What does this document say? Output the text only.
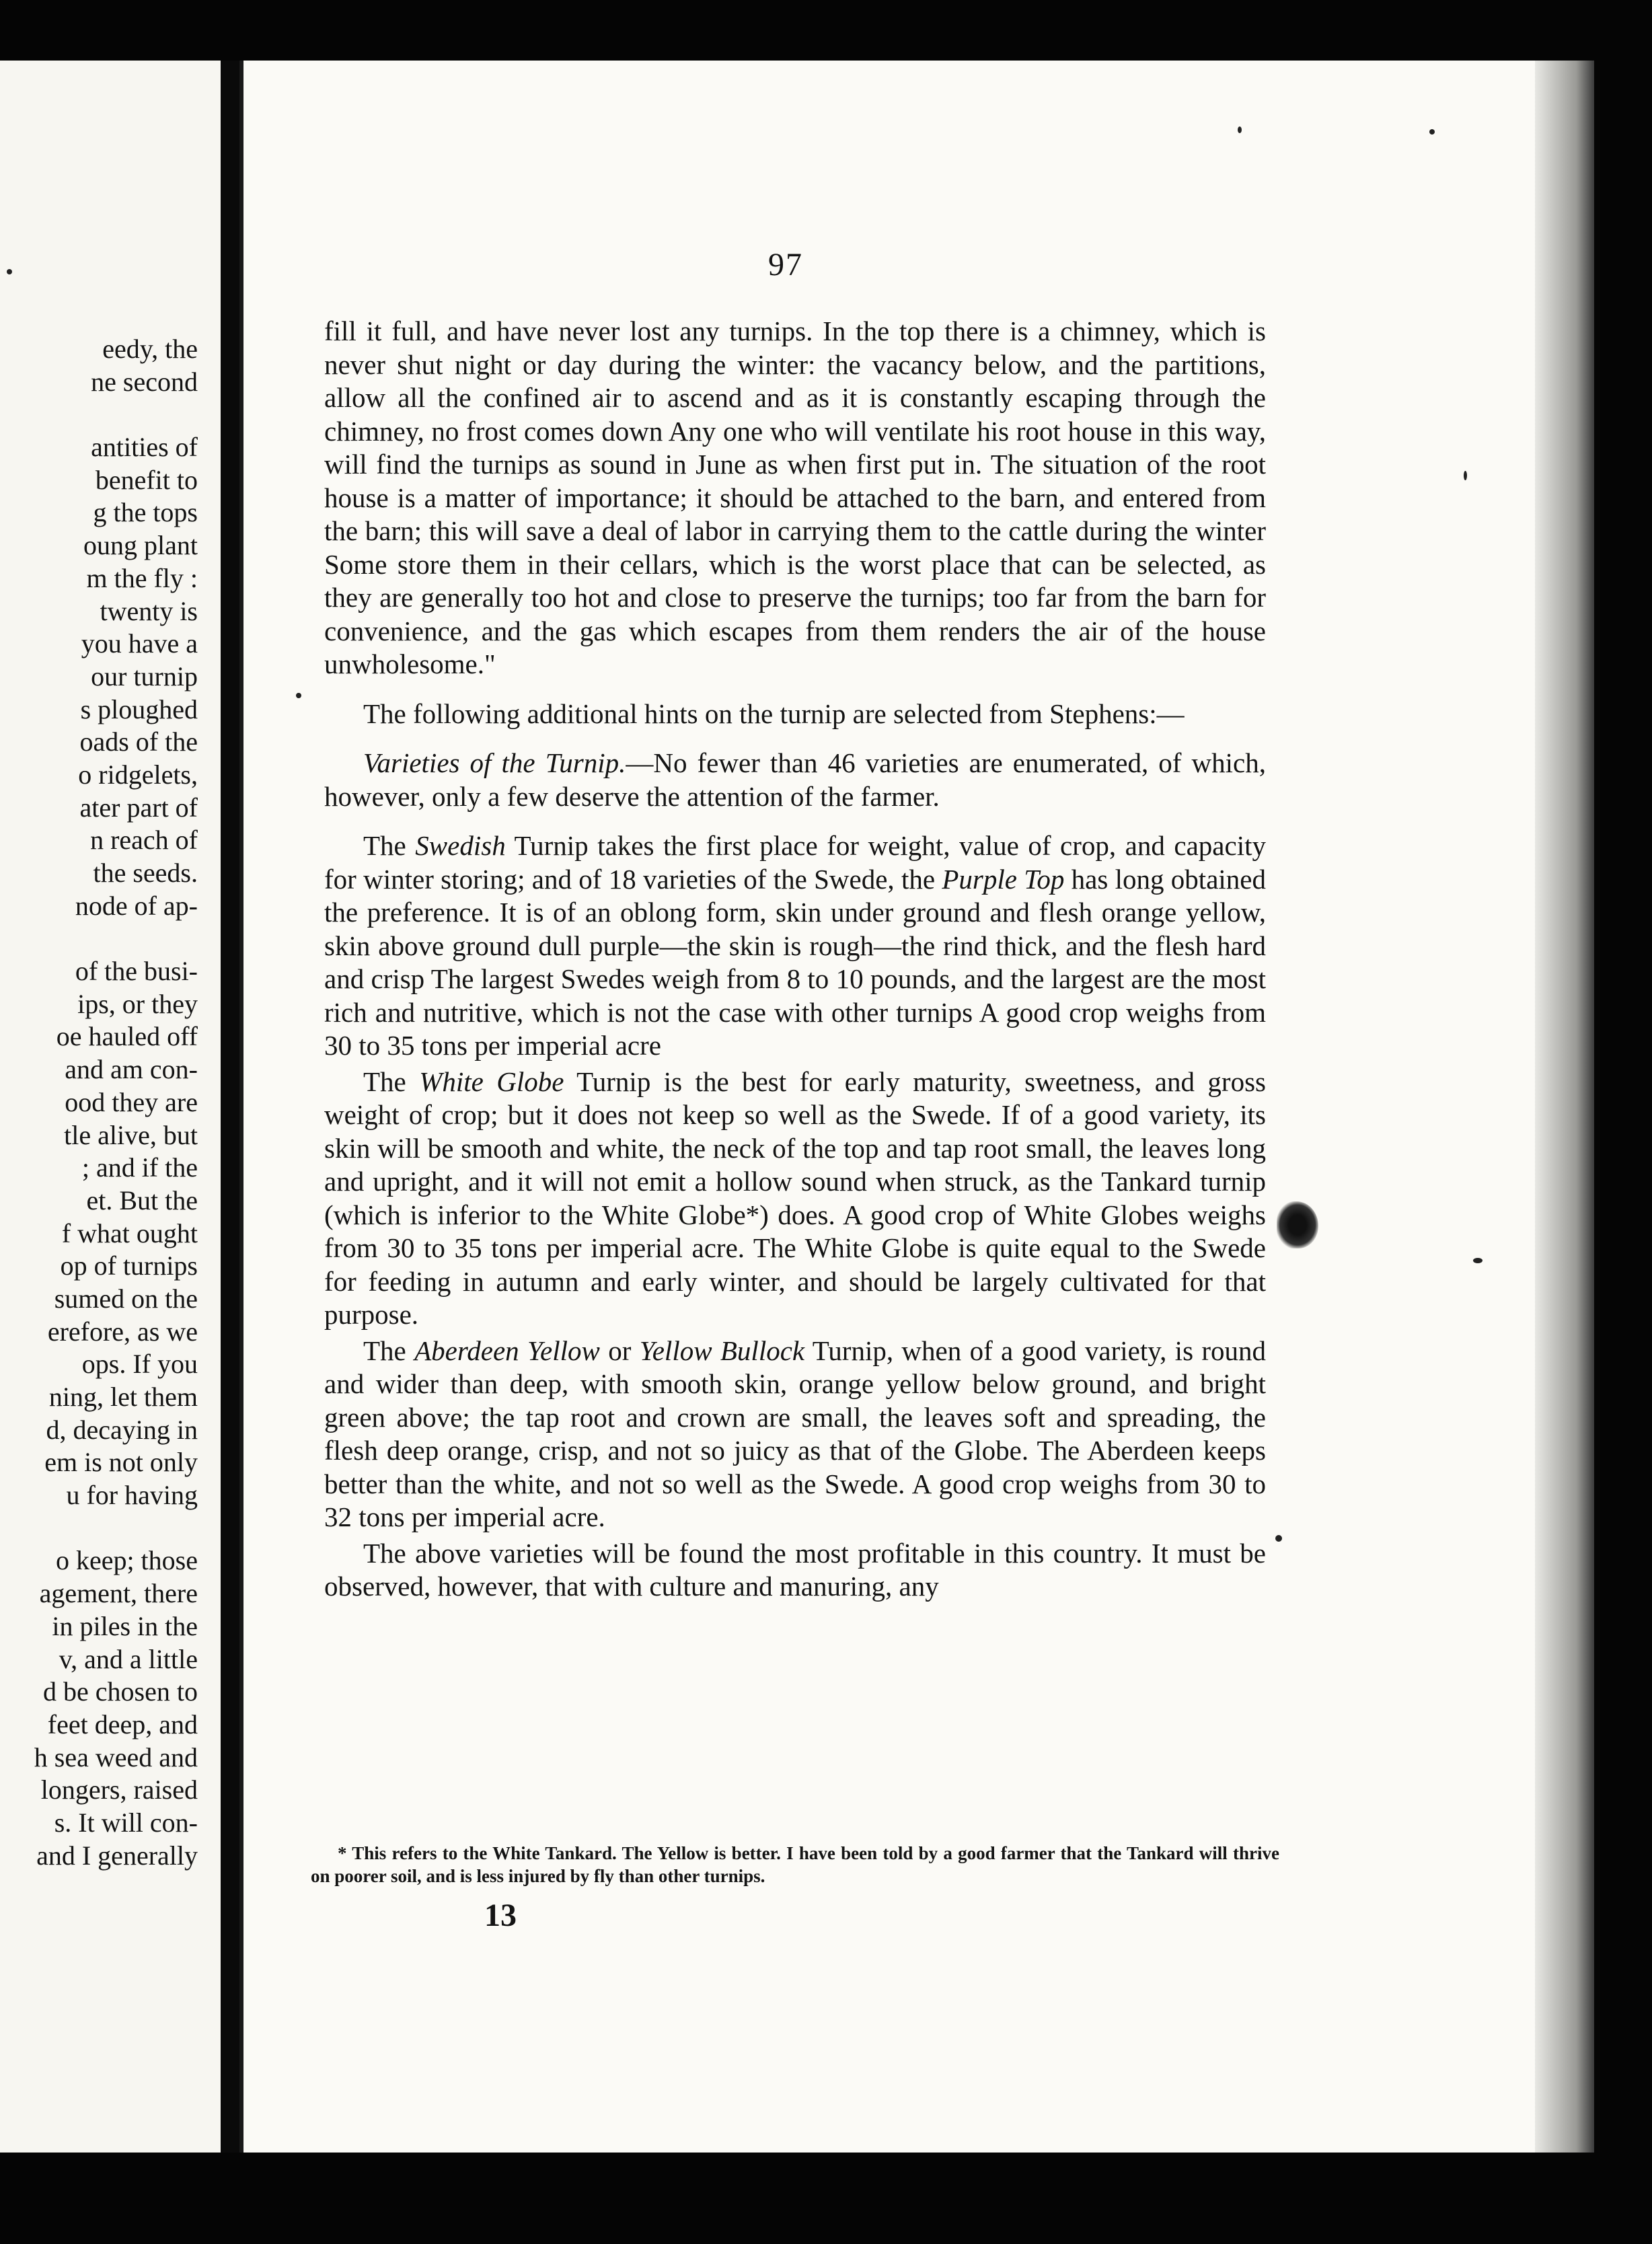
eedy, the
ne second
antities of
benefit to
g the tops
oung plant
m the fly :
twenty is
you have a
our turnip
s ploughed
oads of the
o ridgelets,
ater part of
n reach of
the seeds.
node of ap-
of the busi-
ips, or they
oe hauled off
and am con-
ood they are
tle alive, but
; and if the
et. But the
f what ought
op of turnips
sumed on the
erefore, as we
ops. If you
ning, let them
d, decaying in
em is not only
u for having
o keep; those
agement, there
in piles in the
v, and a little
d be chosen to
feet deep, and
h sea weed and
longers, raised
s. It will con-
and I generally
97

fill it full, and have never lost any turnips. In the top there is a chimney, which is never shut night or day during the winter: the vacancy below, and the partitions, allow all the confined air to ascend and as it is constantly escaping through the chimney, no frost comes down Any one who will ventilate his root house in this way, will find the turnips as sound in June as when first put in. The situation of the root house is a matter of importance; it should be attached to the barn, and entered from the barn; this will save a deal of labor in carrying them to the cattle during the winter Some store them in their cellars, which is the worst place that can be selected, as they are generally too hot and close to preserve the turnips; too far from the barn for convenience, and the gas which escapes from them renders the air of the house unwholesome."

The following additional hints on the turnip are selected from Stephens:—

Varieties of the Turnip.—No fewer than 46 varieties are enumerated, of which, however, only a few deserve the attention of the farmer.

The Swedish Turnip takes the first place for weight, value of crop, and capacity for winter storing; and of 18 varieties of the Swede, the Purple Top has long obtained the preference. It is of an oblong form, skin under ground and flesh orange yellow, skin above ground dull purple—the skin is rough—the rind thick, and the flesh hard and crisp The largest Swedes weigh from 8 to 10 pounds, and the largest are the most rich and nutritive, which is not the case with other turnips A good crop weighs from 30 to 35 tons per imperial acre

The White Globe Turnip is the best for early maturity, sweetness, and gross weight of crop; but it does not keep so well as the Swede. If of a good variety, its skin will be smooth and white, the neck of the top and tap root small, the leaves long and upright, and it will not emit a hollow sound when struck, as the Tankard turnip (which is inferior to the White Globe*) does. A good crop of White Globes weighs from 30 to 35 tons per imperial acre. The White Globe is quite equal to the Swede for feeding in autumn and early winter, and should be largely cultivated for that purpose.

The Aberdeen Yellow or Yellow Bullock Turnip, when of a good variety, is round and wider than deep, with smooth skin, orange yellow below ground, and bright green above; the tap root and crown are small, the leaves soft and spreading, the flesh deep orange, crisp, and not so juicy as that of the Globe. The Aberdeen keeps better than the white, and not so well as the Swede. A good crop weighs from 30 to 32 tons per imperial acre.

The above varieties will be found the most profitable in this country. It must be observed, however, that with culture and manuring, any

* This refers to the White Tankard. The Yellow is better. I have been told by a good farmer that the Tankard will thrive on poorer soil, and is less injured by fly than other turnips.
13
